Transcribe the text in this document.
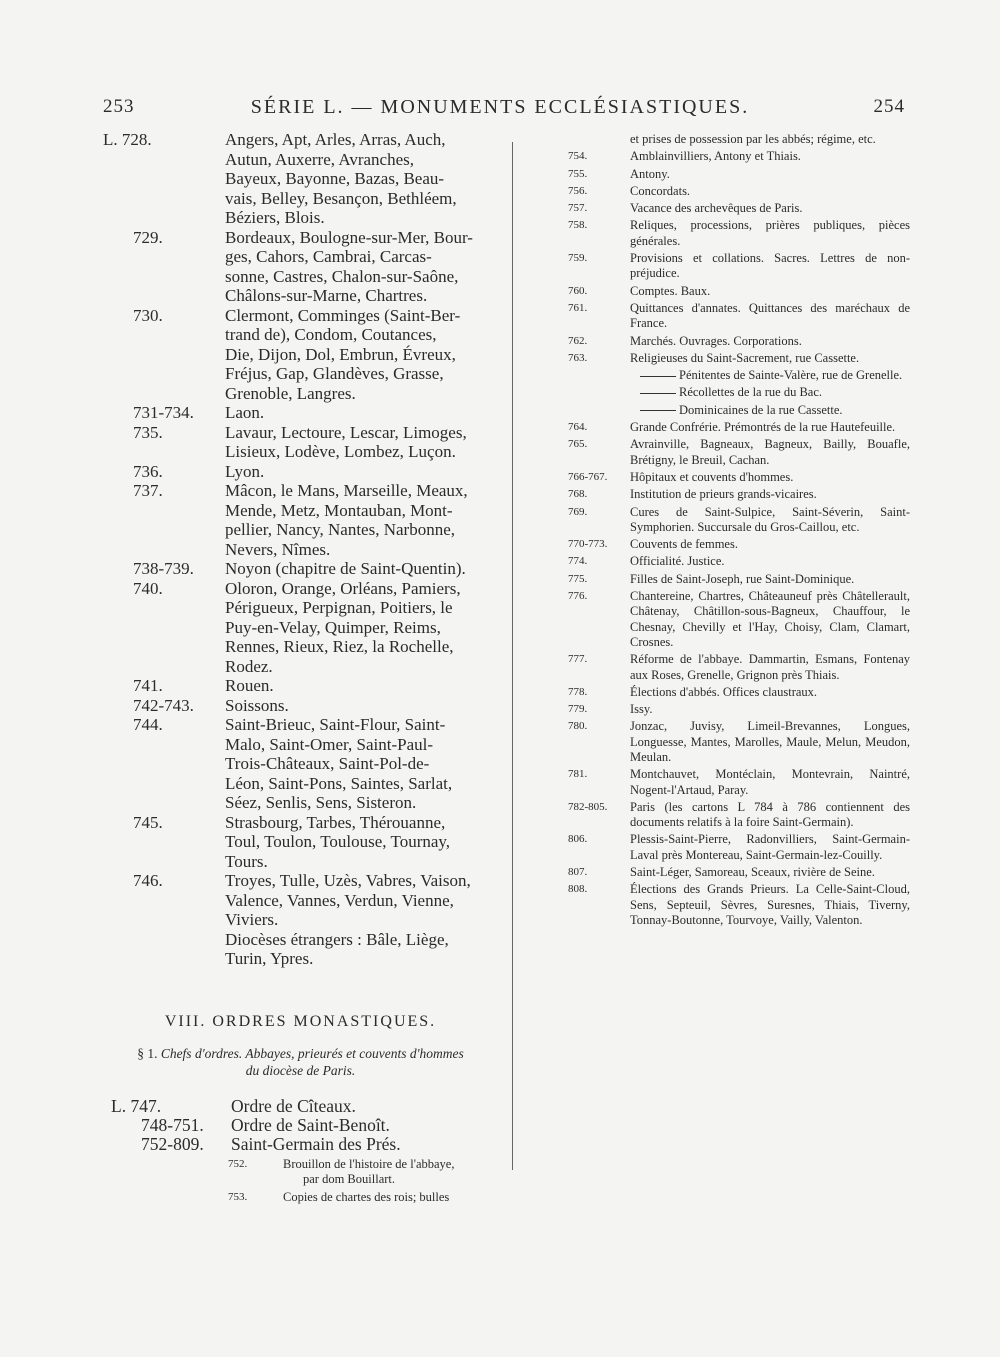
SÉRIE L. — MONUMENTS ECCLÉSIASTIQUES.
253	254
L. 728.	Angers, Apt, Arles, Arras, Auch,
Autun, Auxerre, Avranches,
Bayeux, Bayonne, Bazas, Beau-
vais, Belley, Besançon, Bethléem,
Béziers, Blois.
729.	Bordeaux, Boulogne-sur-Mer, Bour-
ges, Cahors, Cambrai, Carcas-
sonne, Castres, Chalon-sur-Saône,
Châlons-sur-Marne, Chartres.
730.	Clermont, Comminges (Saint-Ber-
trand de), Condom, Coutances,
Die, Dijon, Dol, Embrun, Évreux,
Fréjus, Gap, Glandèves, Grasse,
Grenoble, Langres.
731-734. Laon.
735.	Lavaur, Lectoure, Lescar, Limoges,
Lisieux, Lodève, Lombez, Luçon.
736.	Lyon.
737.	Mâcon, le Mans, Marseille, Meaux,
Mende, Metz, Montauban, Mont-
pellier, Nancy, Nantes, Narbonne,
Nevers, Nîmes.
738-739. Noyon (chapitre de Saint-Quentin).
740.	Oloron, Orange, Orléans, Pamiers,
Périgueux, Perpignan, Poitiers, le
Puy-en-Velay, Quimper, Reims,
Rennes, Rieux, Riez, la Rochelle,
Rodez.
741.	Rouen.
742-743. Soissons.
744.	Saint-Brieuc, Saint-Flour, Saint-
Malo, Saint-Omer, Saint-Paul-
Trois-Châteaux, Saint-Pol-de-
Léon, Saint-Pons, Saintes, Sarlat,
Séez, Senlis, Sens, Sisteron.
745.	Strasbourg, Tarbes, Thérouanne,
Toul, Toulon, Toulouse, Tournay,
Tours.
746.	Troyes, Tulle, Uzès, Vabres, Vaison,
Valence, Vannes, Verdun, Vienne,
Viviers.
Diocèses étrangers : Bâle, Liège,
Turin, Ypres.
VIII. ORDRES MONASTIQUES.
§ 1. Chefs d'ordres. Abbayes, prieurés et couvents d'hommes
du diocèse de Paris.
L. 747.	Ordre de Cîteaux.
748-751.	Ordre de Saint-Benoît.
752-809.	Saint-Germain des Prés.
752.	Brouillon de l'histoire de l'abbaye,
par dom Bouillart.
753.	Copies de chartes des rois; bulles
et prises de possession par les abbés; régime, etc.
754.	Amblainvilliers, Antony et Thiais.
755.	Antony.
756.	Concordats.
757.	Vacance des archevêques de Paris.
758.	Reliques, processions, prières publiques, pièces générales.
759.	Provisions et collations. Sacres. Lettres de non-préjudice.
760.	Comptes. Baux.
761.	Quittances d'annates. Quittances des maréchaux de France.
762.	Marchés. Ouvrages. Corporations.
763.	Religieuses du Saint-Sacrement, rue Cassette.
Pénitentes de Sainte-Valère, rue de Grenelle.
Récollettes de la rue du Bac.
Dominicaines de la rue Cassette.
764.	Grande Confrérie. Prémontrés de la rue Hautefeuille.
765.	Avrainville, Bagneaux, Bagneux, Bailly, Bouafle, Brétigny, le Breuil, Cachan.
766-767. Hôpitaux et couvents d'hommes.
768.	Institution de prieurs grands-vicaires.
769.	Cures de Saint-Sulpice, Saint-Séverin, Saint-Symphorien. Succursale du Gros-Caillou, etc.
770-773. Couvents de femmes.
774.	Officialité. Justice.
775.	Filles de Saint-Joseph, rue Saint-Dominique.
776.	Chantereine, Chartres, Châteauneuf près Châtellerault, Châtenay, Châtillon-sous-Bagneux, Chauffour, le Chesnay, Chevilly et l'Hay, Choisy, Clam, Clamart, Crosnes.
777.	Réforme de l'abbaye. Dammartin, Esmans, Fontenay aux Roses, Grenelle, Grignon près Thiais.
778.	Élections d'abbés. Offices claustraux.
779.	Issy.
780.	Jonzac, Juvisy, Limeil-Brevannes, Longues, Longuesse, Mantes, Marolles, Maule, Melun, Meudon, Meulan.
781.	Montchauvet, Montéclain, Montevrain, Naintré, Nogent-l'Artaud, Paray.
782-805. Paris (les cartons L 784 à 786 contiennent des documents relatifs à la foire Saint-Germain).
806.	Plessis-Saint-Pierre, Radonvilliers, Saint-Germain-Laval près Montereau, Saint-Germain-lez-Couilly.
807.	Saint-Léger, Samoreau, Sceaux, rivière de Seine.
808.	Élections des Grands Prieurs. La Celle-Saint-Cloud, Sens, Septeuil, Sèvres, Suresnes, Thiais, Tiverny, Tonnay-Boutonne, Tourvoye, Vailly, Valenton.
